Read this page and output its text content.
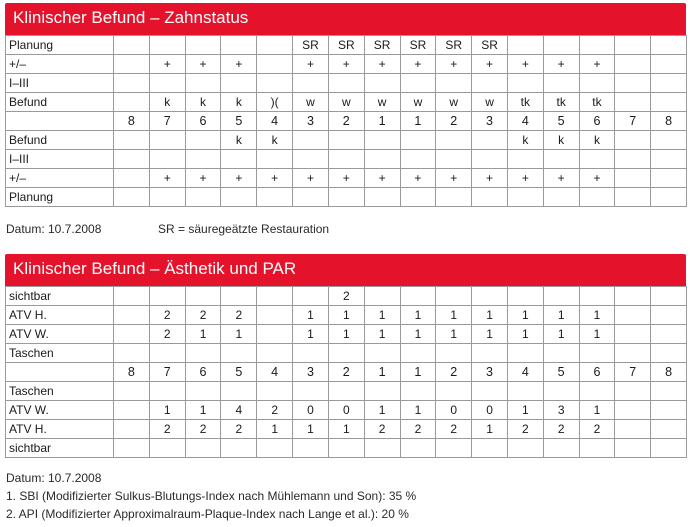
Klinischer Befund – Zahnstatus
Planung						SR	SR	SR	SR	SR	SR					
+/–		+	+	+		+	+	+	+	+	+	+	+	+		
I–III																
Befund		k	k	k	)(	w	w	w	w	w	w	tk	tk	tk		
	8	7	6	5	4	3	2	1	1	2	3	4	5	6	7	8
Befund				k	k							k	k	k		
I–III																
+/–		+	+	+	+	+	+	+	+	+	+	+	+	+		
Planung																
Datum: 10.7.2008	SR = säuregeätzte Restauration
Klinischer Befund – Ästhetik und PAR
sichtbar							2									
ATV H.		2	2	2		1	1	1	1	1	1	1	1	1		
ATV W.		2	1	1		1	1	1	1	1	1	1	1	1		
Taschen																
	8	7	6	5	4	3	2	1	1	2	3	4	5	6	7	8
Taschen																
ATV W.		1	1	4	2	0	0	1	1	0	0	1	3	1		
ATV H.		2	2	2	1	1	1	2	2	2	1	2	2	2		
sichtbar																
Datum: 10.7.2008
1. SBI (Modifizierter Sulkus-Blutungs-Index nach Mühlemann und Son): 35 %
2. API (Modifizierter Approximalraum-Plaque-Index nach Lange et al.): 20 %
